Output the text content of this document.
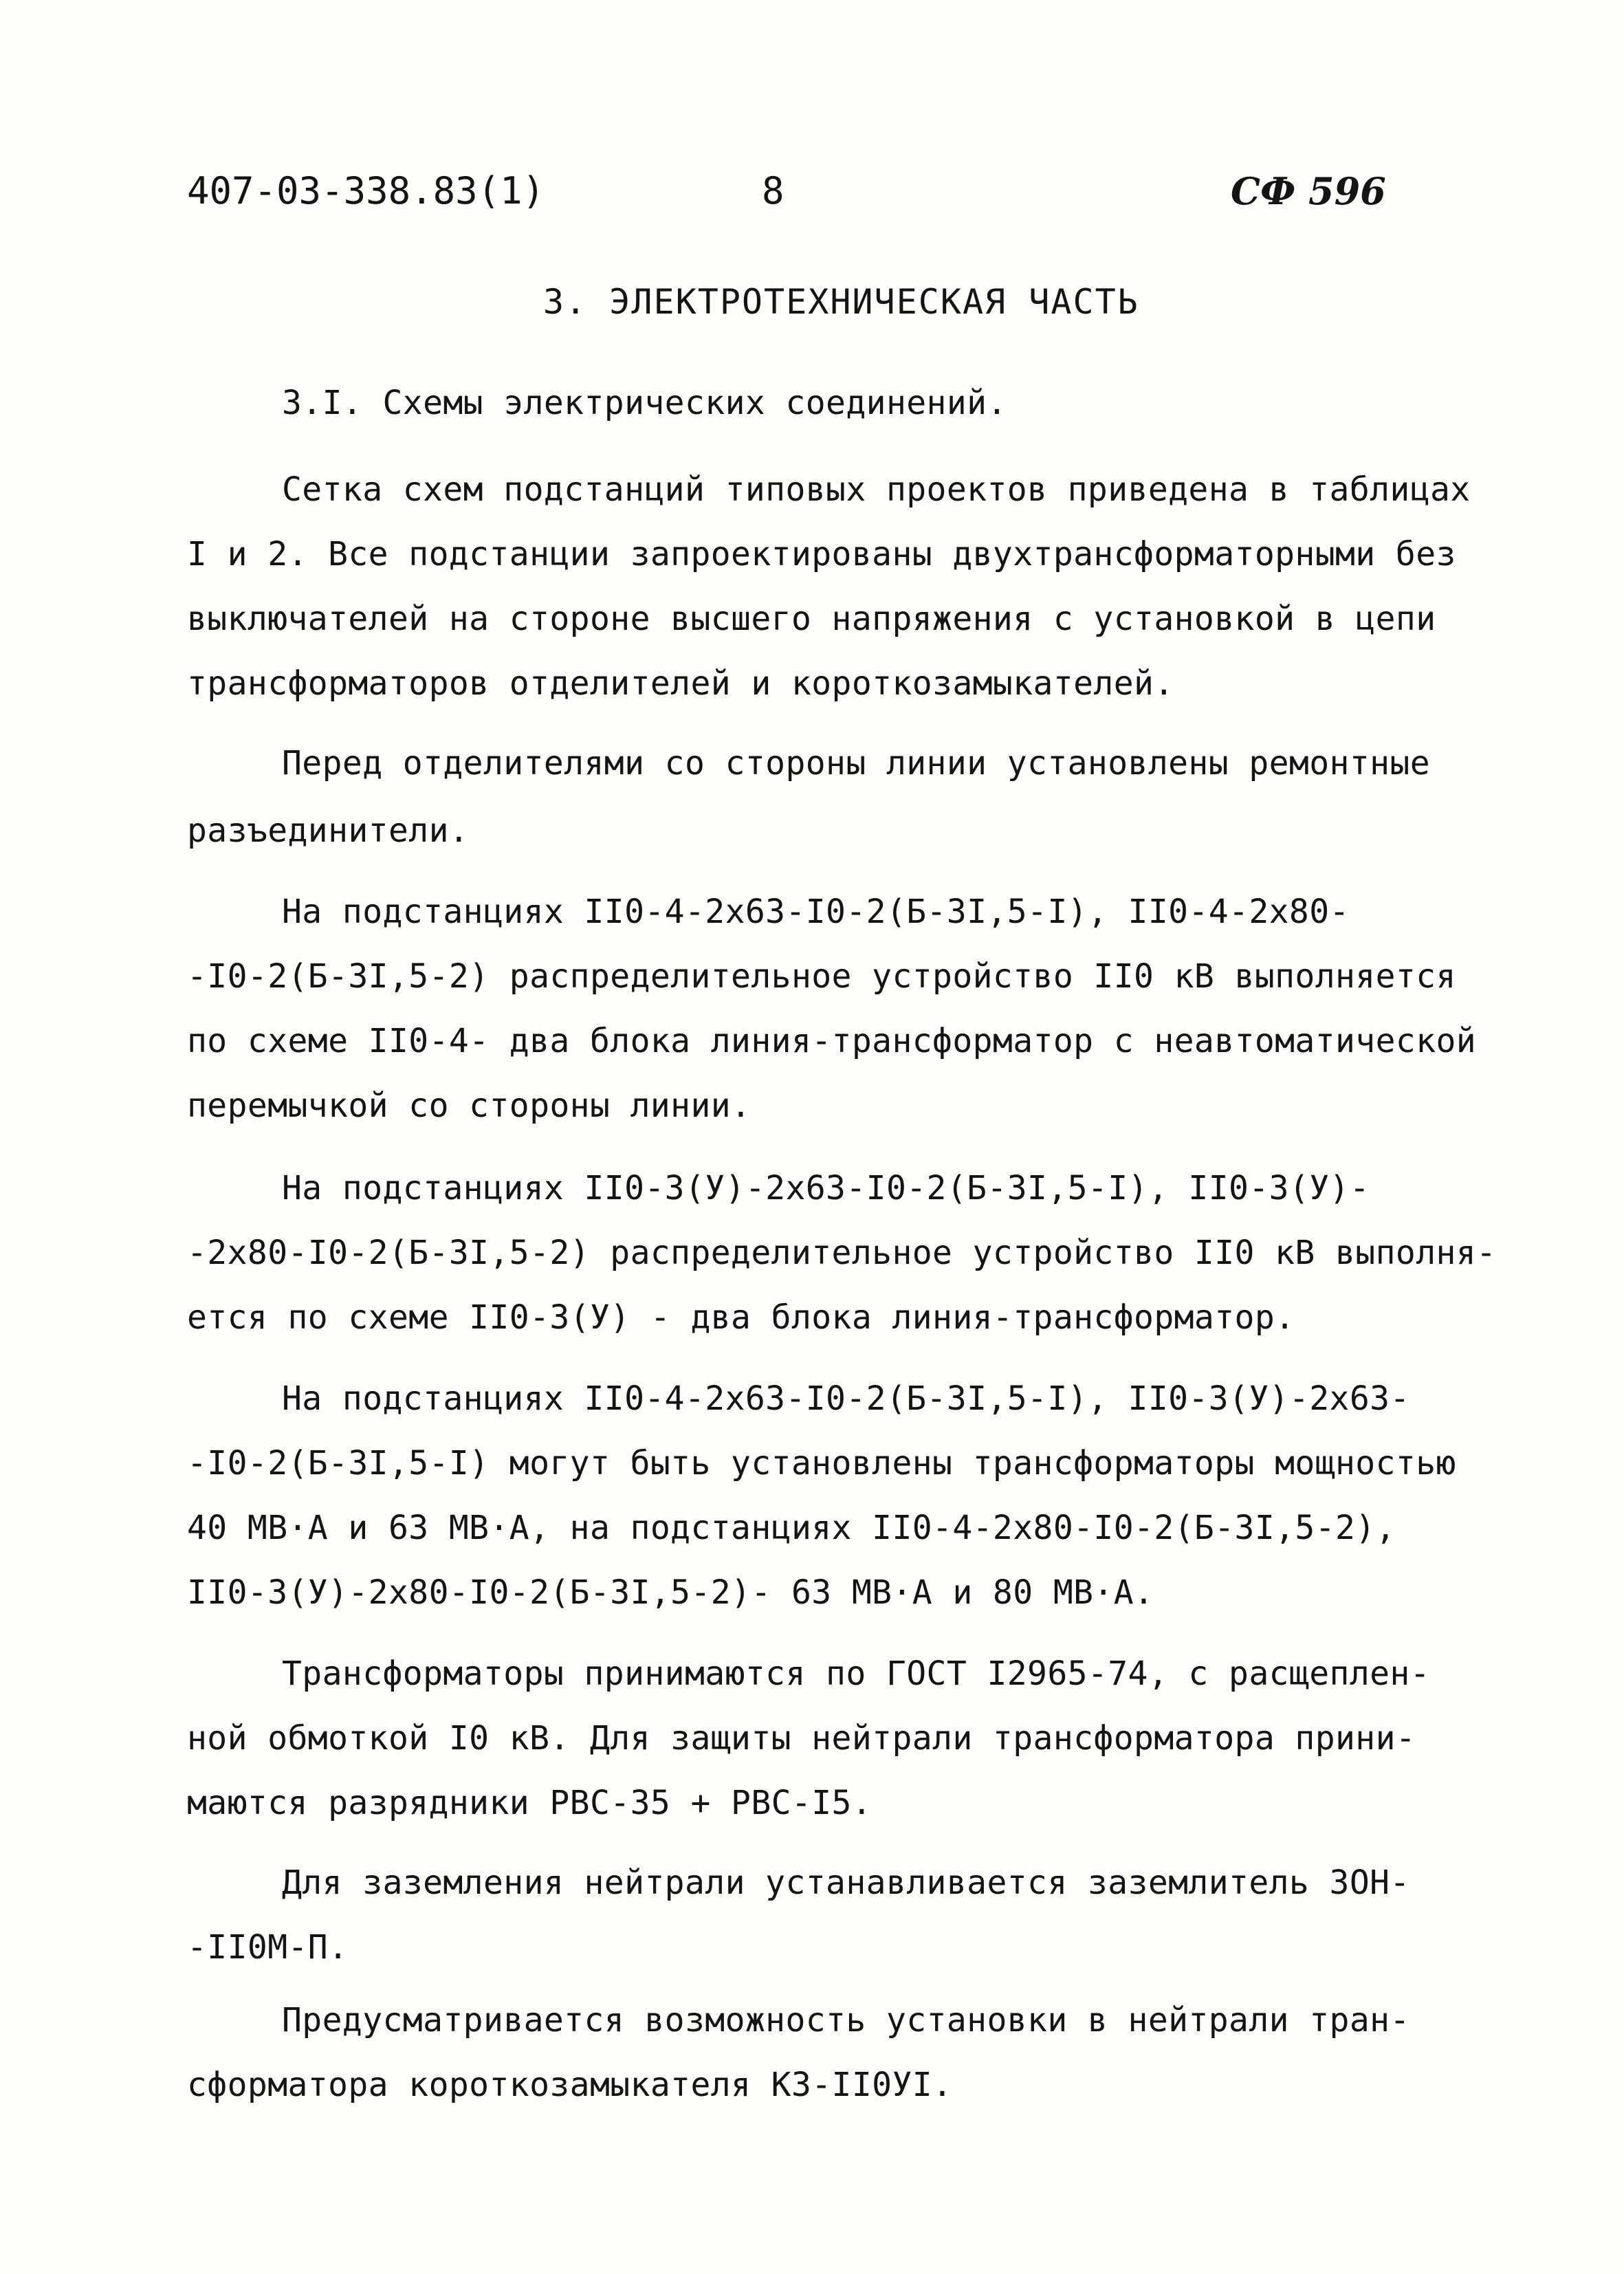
407-03-338.83(1)	8	СФ 596
3. ЭЛЕКТРОТЕХНИЧЕСКАЯ ЧАСТЬ
3.I. Схемы электрических соединений.
Сетка схем подстанций типовых проектов приведена в таблицах
I и 2. Все подстанции запроектированы двухтрансформаторными без
выключателей на стороне высшего напряжения с установкой в цепи
трансформаторов отделителей и короткозамыкателей.
Перед отделителями со стороны линии установлены ремонтные
разъединители.
На подстанциях II0-4-2х63-I0-2(Б-3I,5-I), II0-4-2х80-
-I0-2(Б-3I,5-2) распределительное устройство II0 кВ выполняется
по схеме II0-4- два блока линия-трансформатор с неавтоматической
перемычкой со стороны линии.
На подстанциях II0-3(У)-2х63-I0-2(Б-3I,5-I), II0-3(У)-
-2х80-I0-2(Б-3I,5-2) распределительное устройство II0 кВ выполня-
ется по схеме II0-3(У) - два блока линия-трансформатор.
На подстанциях II0-4-2х63-I0-2(Б-3I,5-I), II0-3(У)-2х63-
-I0-2(Б-3I,5-I) могут быть установлены трансформаторы мощностью
40 МВ·А и 63 МВ·А, на подстанциях II0-4-2х80-I0-2(Б-3I,5-2),
II0-3(У)-2х80-I0-2(Б-3I,5-2)- 63 МВ·А и 80 МВ·А.
Трансформаторы принимаются по ГОСТ I2965-74, с расщеплен-
ной обмоткой I0 кВ. Для защиты нейтрали трансформатора прини-
маются разрядники РВС-35 + РВС-I5.
Для заземления нейтрали устанавливается заземлитель ЗОН-
-II0М-П.
Предусматривается возможность установки в нейтрали тран-
сформатора короткозамыкателя КЗ-II0УI.
